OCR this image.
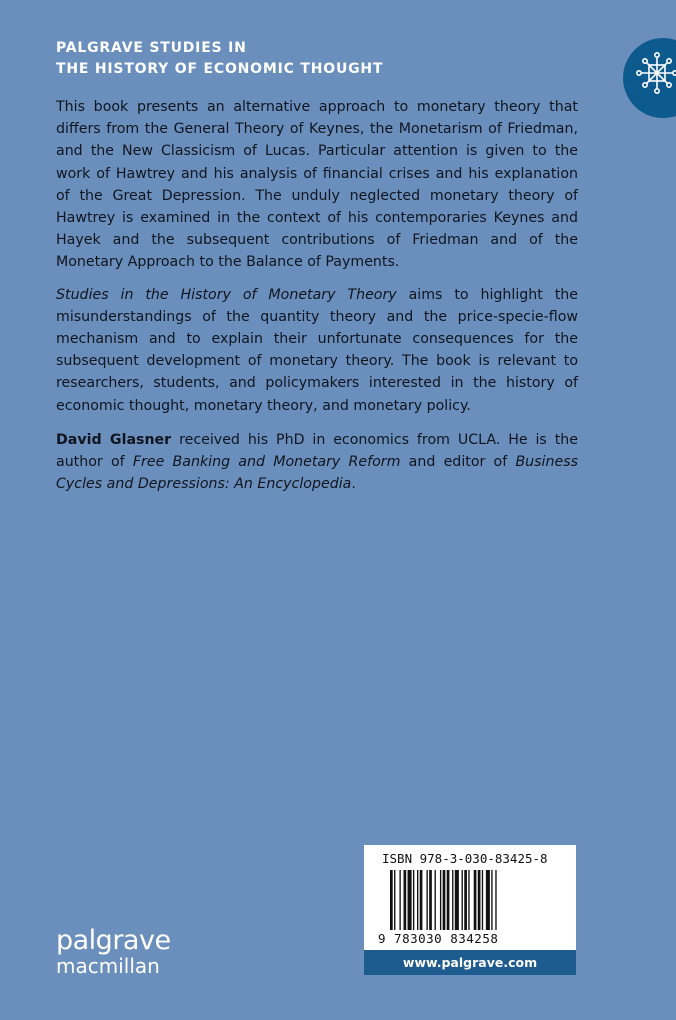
PALGRAVE STUDIES IN
THE HISTORY OF ECONOMIC THOUGHT

This book presents an alternative approach to monetary theory that differs from the General Theory of Keynes, the Monetarism of Friedman, and the New Classicism of Lucas. Particular attention is given to the work of Hawtrey and his analysis of financial crises and his explanation of the Great Depression. The unduly neglected monetary theory of Hawtrey is examined in the context of his contemporaries Keynes and Hayek and the subsequent contributions of Friedman and of the Monetary Approach to the Balance of Payments.

Studies in the History of Monetary Theory aims to highlight the misunderstandings of the quantity theory and the price-specie-flow mechanism and to explain their unfortunate consequences for the subsequent development of monetary theory. The book is relevant to researchers, students, and policymakers interested in the history of economic thought, monetary theory, and monetary policy.

David Glasner received his PhD in economics from UCLA. He is the author of Free Banking and Monetary Reform and editor of Business Cycles and Depressions: An Encyclopedia.

ISBN 978-3-030-83425-8
9 783030 834258
www.palgrave.com
palgrave
macmillan
